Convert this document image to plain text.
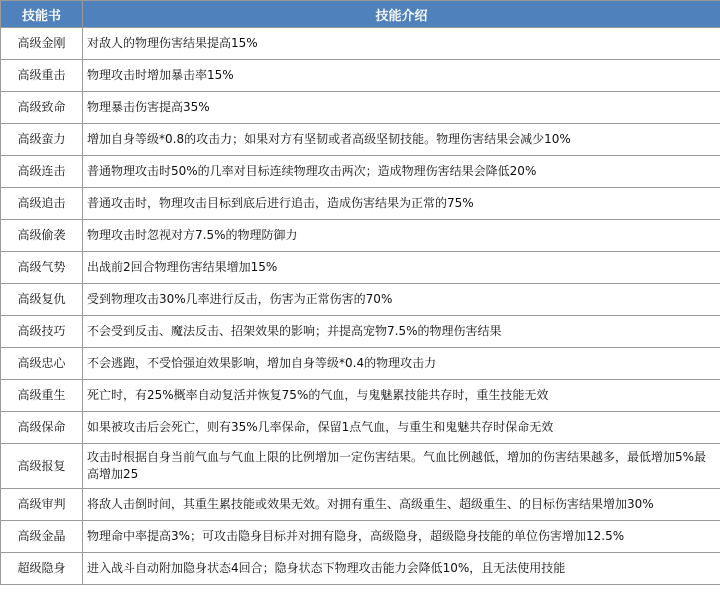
技能书	技能介绍
高级金刚	对敌人的物理伤害结果提高15%
高级重击	物理攻击时增加暴击率15%
高级致命	物理暴击伤害提高35%
高级蛮力	增加自身等级*0.8的攻击力；如果对方有坚韧或者高级坚韧技能。物理伤害结果会减少10%
高级连击	普通物理攻击时50%的几率对目标连续物理攻击两次；造成物理伤害结果会降低20%
高级追击	普通攻击时，物理攻击目标到底后进行追击，造成伤害结果为正常的75%
高级偷袭	物理攻击时忽视对方7.5%的物理防御力
高级气势	出战前2回合物理伤害结果增加15%
高级复仇	受到物理攻击30%几率进行反击，伤害为正常伤害的70%
高级技巧	不会受到反击、魔法反击、招架效果的影响；并提高宠物7.5%的物理伤害结果
高级忠心	不会逃跑，不受恰强迫效果影响，增加自身等级*0.4的物理攻击力
高级重生	死亡时，有25%概率自动复活并恢复75%的气血，与鬼魅累技能共存时，重生技能无效
高级保命	如果被攻击后会死亡，则有35%几率保命，保留1点气血，与重生和鬼魅共存时保命无效
高级报复	攻击时根据自身当前气血与气血上限的比例增加一定伤害结果。气血比例越低，增加的伤害结果越多，最低增加5%最高增加25
高级审判	将敌人击倒时间，其重生累技能或效果无效。对拥有重生、高级重生、超级重生、的目标伤害结果增加30%
高级金晶	物理命中率提高3%；可攻击隐身目标并对拥有隐身，高级隐身，超级隐身技能的单位伤害增加12.5%
超级隐身	进入战斗自动附加隐身状态4回合；隐身状态下物理攻击能力会降低10%，且无法使用技能
